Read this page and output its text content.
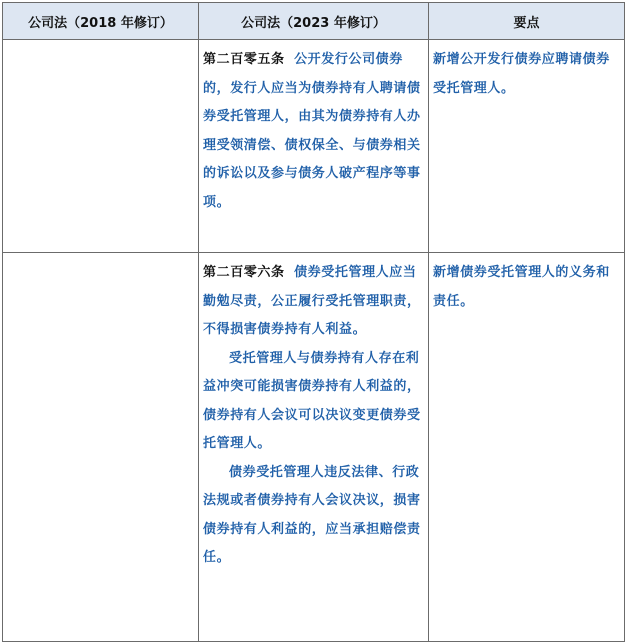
公司法（2018 年修订）	公司法（2023 年修订）	要点

	第二百零五条 公开发行公司债券的，发行人应当为债券持有人聘请债券受托管理人，由其为债券持有人办理受领清偿、债权保全、与债券相关的诉讼以及参与债务人破产程序等事项。	新增公开发行债券应聘请债券受托管理人。

	第二百零六条 债券受托管理人应当勤勉尽责，公正履行受托管理职责，不得损害债券持有人利益。

受托管理人与债券持有人存在利益冲突可能损害债券持有人利益的，债券持有人会议可以决议变更债券受托管理人。

债券受托管理人违反法律、行政法规或者债券持有人会议决议，损害债券持有人利益的，应当承担赔偿责任。	新增债券受托管理人的义务和责任。
